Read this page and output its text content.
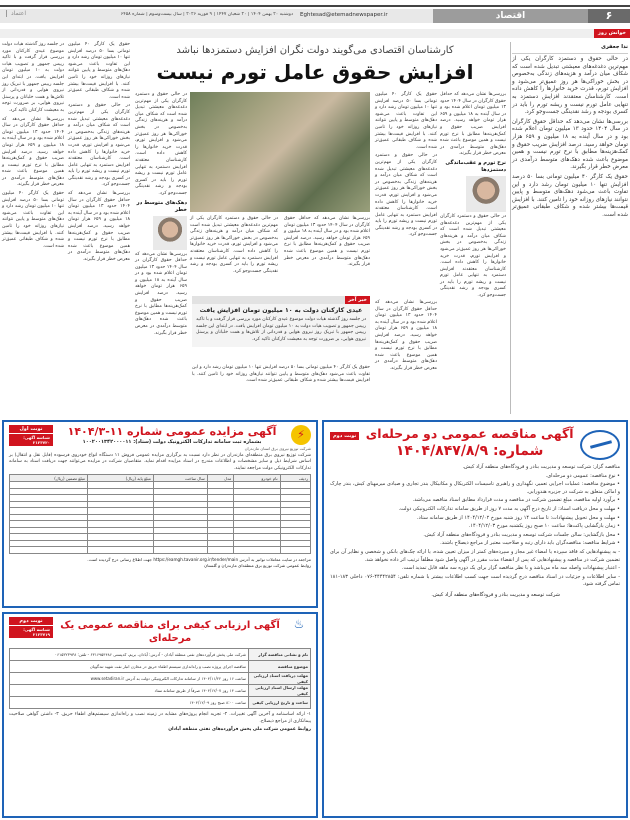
۶
اقتصاد
Eghtesad@etemadnewspaper.ir
دوشنبه ۲۰ بهمن ۱۴۰۴ | ۲۰ شعبان ۱۴۴۷ | ۹ فوریه ۲۰۲۶ | سال بیست‌وسوم | شماره ۶۴۵۸
اعتماد
خوانش روز
کارشناسان اقتصادی می‌گویند دولت نگران افزایش دستمزدها نباشد
افزایش حقوق عامل تورم نیست
ندا جعفری

در حالی حقوق و دستمزد کارگران یکی از مهم‌ترین دغدغه‌های معیشتی تبدیل شده است که شکاف میان درآمد و هزینه‌های زندگی به‌خصوص در بخش خوراکی‌ها هر روز عمیق‌تر می‌شود و افزایش تورم، قدرت خرید خانوارها را کاهش داده است. کارشناسان معتقدند افزایش دستمزد به تنهایی عامل تورم نیست و ریشه تورم را باید در کسری بودجه و رشد نقدینگی جست‌وجو کرد.

بررسی‌ها نشان می‌دهد که حداقل حقوق کارگران در سال ۱۴۰۴ حدود ۱۳ میلیون تومان اعلام شده بود و در سال آینده به ۱۸ میلیون و ۶۵۹ هزار تومان خواهد رسید. درصد افزایش ضریب حقوق و کمک‌هزینه‌ها مطابق با نرخ تورم نیست و همین موضوع باعث شده دهک‌های متوسط درآمدی در معرض خطر قرار بگیرند.

حقوق یک کارگر ۴۰ میلیون تومانی بسا ۵۰ درصد افزایش تنها ۱۰ میلیون تومان رشد دارد و این تفاوت باعث می‌شود دهک‌های متوسط و پایین نتوانند نیازهای روزانه خود را تامین کنند. با افزایش قیمت‌ها بیشتر شده و شکاف طبقاتی عمیق‌تر شده است.

بررسی‌ها نشان می‌دهد که حداقل حقوق کارگران در سال ۱۴۰۴ حدود ۱۳ میلیون تومان اعلام شده بود و در سال آینده به ۱۸ میلیون و ۶۵۹ هزار تومان خواهد رسید. درصد افزایش ضریب حقوق و کمک‌هزینه‌ها مطابق با نرخ تورم نیست و همین موضوع باعث شده دهک‌های متوسط درآمدی در معرض خطر قرار بگیرند.

نرخ تورم و عقب‌ماندگی دستمزدها

در حالی حقوق و دستمزد کارگران یکی از مهم‌ترین دغدغه‌های معیشتی تبدیل شده است که شکاف میان درآمد و هزینه‌های زندگی به‌خصوص در بخش خوراکی‌ها هر روز عمیق‌تر می‌شود و افزایش تورم، قدرت خرید خانوارها را کاهش داده است. کارشناسان معتقدند افزایش دستمزد به تنهایی عامل تورم نیست و ریشه تورم را باید در کسری بودجه و رشد نقدینگی جست‌وجو کرد.

حقوق یک کارگر ۴۰ میلیون تومانی بسا ۵۰ درصد افزایش تنها ۱۰ میلیون تومان رشد دارد و این تفاوت باعث می‌شود دهک‌های متوسط و پایین نتوانند نیازهای روزانه خود را تامین کنند. با افزایش قیمت‌ها بیشتر شده و شکاف طبقاتی عمیق‌تر شده است.

در حالی حقوق و دستمزد کارگران یکی از مهم‌ترین دغدغه‌های معیشتی تبدیل شده است که شکاف میان درآمد و هزینه‌های زندگی به‌خصوص در بخش خوراکی‌ها هر روز عمیق‌تر می‌شود و افزایش تورم، قدرت خرید خانوارها را کاهش داده است. کارشناسان معتقدند افزایش دستمزد به تنهایی عامل تورم نیست و ریشه تورم را باید در کسری بودجه و رشد نقدینگی جست‌وجو کرد.

بررسی‌ها نشان می‌دهد که حداقل حقوق کارگران در سال ۱۴۰۴ حدود ۱۳ میلیون تومان اعلام شده بود و در سال آینده به ۱۸ میلیون و ۶۵۹ هزار تومان خواهد رسید. درصد افزایش ضریب حقوق و کمک‌هزینه‌ها مطابق با نرخ تورم نیست و همین موضوع باعث شده دهک‌های متوسط درآمدی در معرض خطر قرار بگیرند.

بررسی‌ها نشان می‌دهد که حداقل حقوق کارگران در سال ۱۴۰۴ حدود ۱۳ میلیون تومان اعلام شده بود و در سال آینده به ۱۸ میلیون و ۶۵۹ هزار تومان خواهد رسید. درصد افزایش ضریب حقوق و کمک‌هزینه‌ها مطابق با نرخ تورم نیست و همین موضوع باعث شده دهک‌های متوسط درآمدی در معرض خطر قرار بگیرند.

در حالی حقوق و دستمزد کارگران یکی از مهم‌ترین دغدغه‌های معیشتی تبدیل شده است که شکاف میان درآمد و هزینه‌های زندگی به‌خصوص در بخش خوراکی‌ها هر روز عمیق‌تر می‌شود و افزایش تورم، قدرت خرید خانوارها را کاهش داده است. کارشناسان معتقدند افزایش دستمزد به تنهایی عامل تورم نیست و ریشه تورم را باید در کسری بودجه و رشد نقدینگی جست‌وجو کرد.

خبر آخر
عیدی کارکنان دولت به ۱۰ میلیون تومان افزایش یافت

در جلسه روز گذشته هیات دولت موضوع عیدی کارکنان مورد بررسی قرار گرفت و با تاکید رییس جمهور و تصویب هیات دولت به ۱۰ میلیون تومان افزایش یافت. در ابتدای این جلسه رییس جمهور با تبریک روز نیروی هوایی و قدردانی از تلاش‌ها و همت خلبانان و پرسنل نیروی هوایی، بر ضرورت توجه به معیشت کارکنان تاکید کرد.

حقوق یک کارگر ۴۰ میلیون تومانی بسا ۵۰ درصد افزایش تنها ۱۰ میلیون تومان رشد دارد و این تفاوت باعث می‌شود دهک‌های متوسط و پایین نتوانند نیازهای روزانه خود را تامین کنند. با افزایش قیمت‌ها بیشتر شده و شکاف طبقاتی عمیق‌تر شده است.

در حالی حقوق و دستمزد کارگران یکی از مهم‌ترین دغدغه‌های معیشتی تبدیل شده است که شکاف میان درآمد و هزینه‌های زندگی به‌خصوص در بخش خوراکی‌ها هر روز عمیق‌تر می‌شود و افزایش تورم، قدرت خرید خانوارها را کاهش داده است. کارشناسان معتقدند افزایش دستمزد به تنهایی عامل تورم نیست و ریشه تورم را باید در کسری بودجه و رشد نقدینگی جست‌وجو کرد.

دهک‌های متوسط در خطر

بررسی‌ها نشان می‌دهد که حداقل حقوق کارگران در سال ۱۴۰۴ حدود ۱۳ میلیون تومان اعلام شده بود و در سال آینده به ۱۸ میلیون و ۶۵۹ هزار تومان خواهد رسید. درصد افزایش ضریب حقوق و کمک‌هزینه‌ها مطابق با نرخ تورم نیست و همین موضوع باعث شده دهک‌های متوسط درآمدی در معرض خطر قرار بگیرند.

حقوق یک کارگر ۴۰ میلیون تومانی بسا ۵۰ درصد افزایش تنها ۱۰ میلیون تومان رشد دارد و این تفاوت باعث می‌شود دهک‌های متوسط و پایین نتوانند نیازهای روزانه خود را تامین کنند. با افزایش قیمت‌ها بیشتر شده و شکاف طبقاتی عمیق‌تر شده است.

در حالی حقوق و دستمزد کارگران یکی از مهم‌ترین دغدغه‌های معیشتی تبدیل شده است که شکاف میان درآمد و هزینه‌های زندگی به‌خصوص در بخش خوراکی‌ها هر روز عمیق‌تر می‌شود و افزایش تورم، قدرت خرید خانوارها را کاهش داده است. کارشناسان معتقدند افزایش دستمزد به تنهایی عامل تورم نیست و ریشه تورم را باید در کسری بودجه و رشد نقدینگی جست‌وجو کرد.

بررسی‌ها نشان می‌دهد که حداقل حقوق کارگران در سال ۱۴۰۴ حدود ۱۳ میلیون تومان اعلام شده بود و در سال آینده به ۱۸ میلیون و ۶۵۹ هزار تومان خواهد رسید. درصد افزایش ضریب حقوق و کمک‌هزینه‌ها مطابق با نرخ تورم نیست و همین موضوع باعث شده دهک‌های متوسط درآمدی در معرض خطر قرار بگیرند.

در جلسه روز گذشته هیات دولت موضوع عیدی کارکنان مورد بررسی قرار گرفت و با تاکید رییس جمهور و تصویب هیات دولت به ۱۰ میلیون تومان افزایش یافت. در ابتدای این جلسه رییس جمهور با تبریک روز نیروی هوایی و قدردانی از تلاش‌ها و همت خلبانان و پرسنل نیروی هوایی، بر ضرورت توجه به معیشت کارکنان تاکید کرد.

بررسی‌ها نشان می‌دهد که حداقل حقوق کارگران در سال ۱۴۰۴ حدود ۱۳ میلیون تومان اعلام شده بود و در سال آینده به ۱۸ میلیون و ۶۵۹ هزار تومان خواهد رسید. درصد افزایش ضریب حقوق و کمک‌هزینه‌ها مطابق با نرخ تورم نیست و همین موضوع باعث شده دهک‌های متوسط درآمدی در معرض خطر قرار بگیرند.

حقوق یک کارگر ۴۰ میلیون تومانی بسا ۵۰ درصد افزایش تنها ۱۰ میلیون تومان رشد دارد و این تفاوت باعث می‌شود دهک‌های متوسط و پایین نتوانند نیازهای روزانه خود را تامین کنند. با افزایش قیمت‌ها بیشتر شده و شکاف طبقاتی عمیق‌تر شده است.

آگهی مناقصه عمومی دو مرحله‌ای
شماره: ۱۴۰۴/۸۴۷/۸/۹
نوبت دوم

مناقصه گزار: شرکت توسعه و مدیریت بنادر و فرودگاه‌های منطقه آزاد کیش.

• نوع مناقصه: عمومی دو مرحله‌ای.

• موضوع مناقصه: عملیات اجرایی تعمیر، نگهداری و راهبری تاسیسات الکتریکال و مکانیکال بندر تجاری و صیادی میرمهنای کیش، بندر چارک و اماکن متعلق به شرکت در جزیره هندورابی.

• برآورد اولیه مناقصه، مبلغ تضمین شرکت در مناقصه و مدت قرارداد مطابق اسناد مناقصه می‌باشد.

• مهلت و محل دریافت اسناد: از تاریخ درج آگهی به مدت ۷ روز از طریق سامانه تدارکات الکترونیکی دولت.

• مهلت و محل تحویل پیشنهادات: تا ساعت ۱۴ روز شنبه مورخ ۱۴۰۴/۱۲/۰۲ از طریق سامانه ستاد.

• زمان بازگشایی پاکت‌ها: ساعت ۱۰ صبح روز یکشنبه مورخ ۱۴۰۴/۱۲/۰۳.

• محل بازگشایی: سالن جلسات شرکت توسعه و مدیریت بنادر و فرودگاه‌های منطقه آزاد کیش.

• شرایط مناقصه: مناقصه‌گران باید دارای رتبه و صلاحیت معتبر از مراجع ذیصلاح باشند.

- به پیشنهادهایی که فاقد سپرده یا امضاء غیر مجاز و سپرده‌های کمتر از میزان تعیین شده، یا ارائه چک‌های بانکی و شخصی و نظایر آن برای تضمین شرکت در مناقصه و پیشنهادهایی که پس از انقضاء مدت مقرر در آگهی واصل شود مطلقاً ترتیب اثر داده نخواهد شد.

- اعتبار پیشنهادات واصله سه ماه می‌باشد و با نظر مناقصه گزار برای یک دوره سه ماهه قابل تمدید است.

- سایر اطلاعات و جزئیات در اسناد مناقصه درج گردیده است جهت کسب اطلاعات بیشتر با شماره تلفن: ۴۴۴۴۲۸۵۴-۰۷۶ داخلی ۱۸۳-۱۸۱ تماس گرفته شود.

شرکت توسعه و مدیریت بنادر و فرودگاه‌های منطقه آزاد کیش.
⚡
آگهی مزایده عمومی شماره ۱۱-۱۴۰۴/۳
بشماره ثبت سامانه تدارکات الکترونیک دولت (ستاد): ۱۰۰۲۰۰۱۳۴۲۰۰۰۰۱۱
نوبت اول
شناسه آگهی: ۲۱۲۳۷۲۰
شرکت توزیع نیروی برق استان مازندران

شرکت توزیع نیروی برق منطقه‌ای مازندران در نظر دارد نسبت به برگزاری مزایده عمومی فروش ۱۱ دستگاه انواع خودروی فرسوده (قابل نقل و انتقال) بر اساس شرایط ذیل و سایر مشخصات و اطلاعات مندرج در اسناد مزایده اقدام نماید. متقاضیان شرکت در مزایده می‌توانند جهت دریافت اسناد به سامانه تدارکات الکترونیکی دولت مراجعه نمایند.

ردیف	نام خودرو	مدل	سال ساخت	مبلغ پایه (ریال)	مبلغ تضمین (ریال)

مراجعه در سایت معاملات توانیر به آدرس https://eamgh.tavanir.org.ir/tender/main جهت اطلاع رسانی درج گردیده است.
روابط عمومی شرکت توزیع برق منطقه‌ای مازندران و گلستان
♨
آگهی ارزیابی کیفی برای مناقصه عمومی یک مرحله‌ای
نوبت دوم
شناسه آگهی: ۲۱۲۳۷۱۹
نام و نشانی مناقصه گزار	شرکت ملی پخش فرآورده‌های نفتی منطقه آبادان - آدرس: آبادان، بریم، کدپستی ۶۳۱۶۹۵۴۴۸۶ - تلفن: ۰۶۱۵۳۲۳۹۳۸
موضوع مناقصه	مناقصه اجرای پروژه نصب و راه‌اندازی سیستم اطفاء حریق در مخازن انبار نفت شهید تندگویان
مهلت دریافت اسناد ارزیابی کیفی	ساعت ۱۶ روز ۱۴۰۴/۱۱/۲۲ از سامانه تدارکات الکترونیکی دولت به آدرس www.setadiran.ir
مهلت ارسال اسناد ارزیابی کیفی	ساعت ۱۴ روز ۱۴۰۴/۱۲/۰۷ صرفاً از طریق سامانه ستاد
ساعت و تاریخ ارزیابی کیفی	ساعت ۸:۰۰ صبح روز ۱۴۰۴/۱۲/۰۹

۱- ارائه اساسنامه و آخرین آگهی تغییرات. ۲- تجربه انجام پروژه‌های مشابه در زمینه نصب و راه‌اندازی سیستم‌های اطفاء حریق. ۳- داشتن گواهی صلاحیت پیمانکاری از مراجع ذیصلاح.

روابط عمومی شرکت ملی پخش فرآورده‌های نفتی منطقه آبادان
